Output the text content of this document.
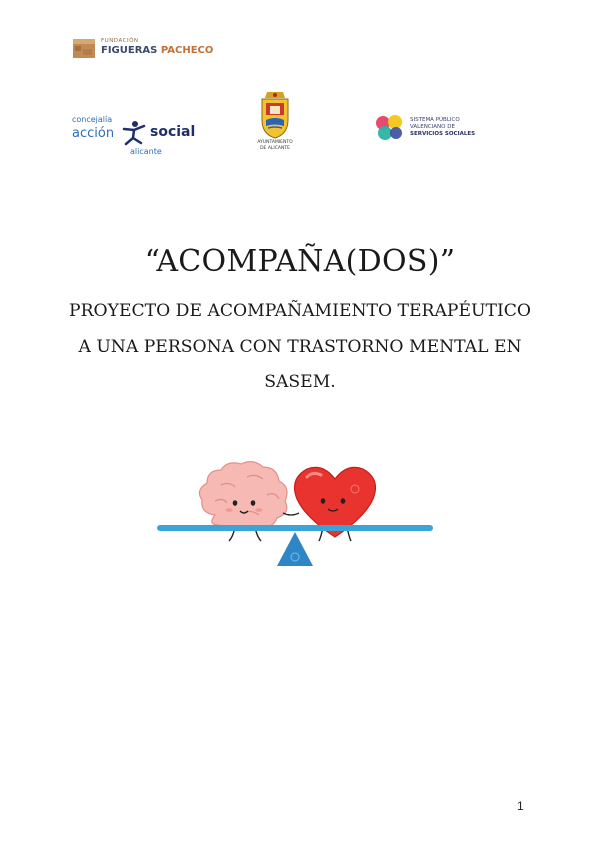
FUNDACIÓN
FIGUERAS PACHECO
concejalía
acción	social
alicante
AYUNTAMIENTO
DE ALICANTE
SISTEMA PÚBLICO
VALENCIANO DE
SERVICIOS SOCIALES
“ACOMPAÑA(DOS)”
PROYECTO DE ACOMPAÑAMIENTO TERAPÉUTICO
A UNA PERSONA CON TRASTORNO MENTAL EN
SASEM.
1
